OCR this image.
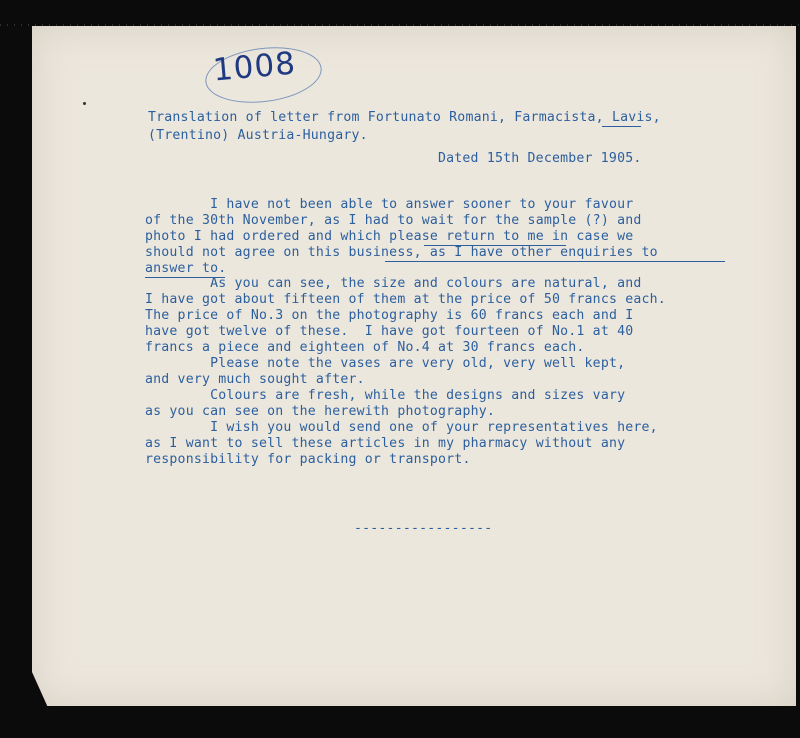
1008
Translation of letter from Fortunato Romani, Farmacista, Lavis,
(Trentino) Austria-Hungary.
Dated 15th December 1905.
I have not been able to answer sooner to your favour
of the 30th November, as I had to wait for the sample (?) and
photo I had ordered and which please return to me in case we
should not agree on this business, as I have other enquiries to
answer to.
As you can see, the size and colours are natural, and
I have got about fifteen of them at the price of 50 francs each.
The price of No.3 on the photography is 60 francs each and I
have got twelve of these.  I have got fourteen of No.1 at 40
francs a piece and eighteen of No.4 at 30 francs each.
Please note the vases are very old, very well kept,
and very much sought after.
Colours are fresh, while the designs and sizes vary
as you can see on the herewith photography.
I wish you would send one of your representatives here,
as I want to sell these articles in my pharmacy without any
responsibility for packing or transport.
-----------------
